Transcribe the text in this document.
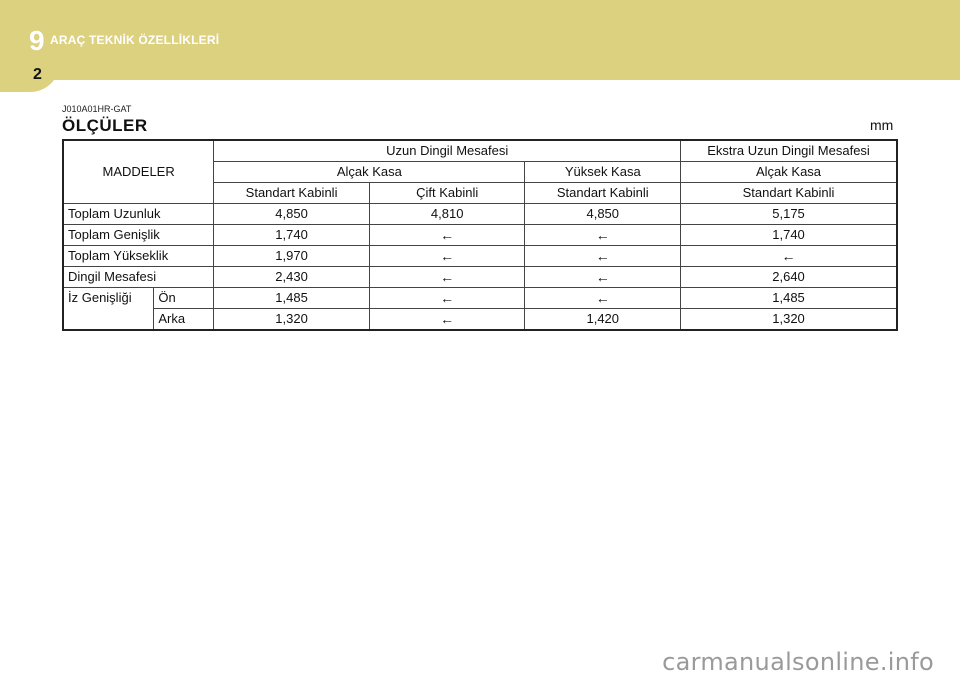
9 ARAÇ TEKNİK ÖZELLİKLERİ
2
J010A01HR-GAT
ÖLÇÜLER	mm
MADDELER		Uzun Dingil Mesafesi			Ekstra Uzun Dingil Mesafesi
		Alçak Kasa		Yüksek Kasa	Alçak Kasa
		Standart Kabinli	Çift Kabinli	Standart Kabinli	Standart Kabinli
Toplam Uzunluk		4,850	4,810	4,850	5,175
Toplam Genişlik		1,740	←	←	1,740
Toplam Yükseklik		1,970	←	←	←
Dingil Mesafesi		2,430	←	←	2,640
İz Genişliği	Ön	1,485	←	←	1,485
	Arka	1,320	←	1,420	1,320
carmanualsonline.info
